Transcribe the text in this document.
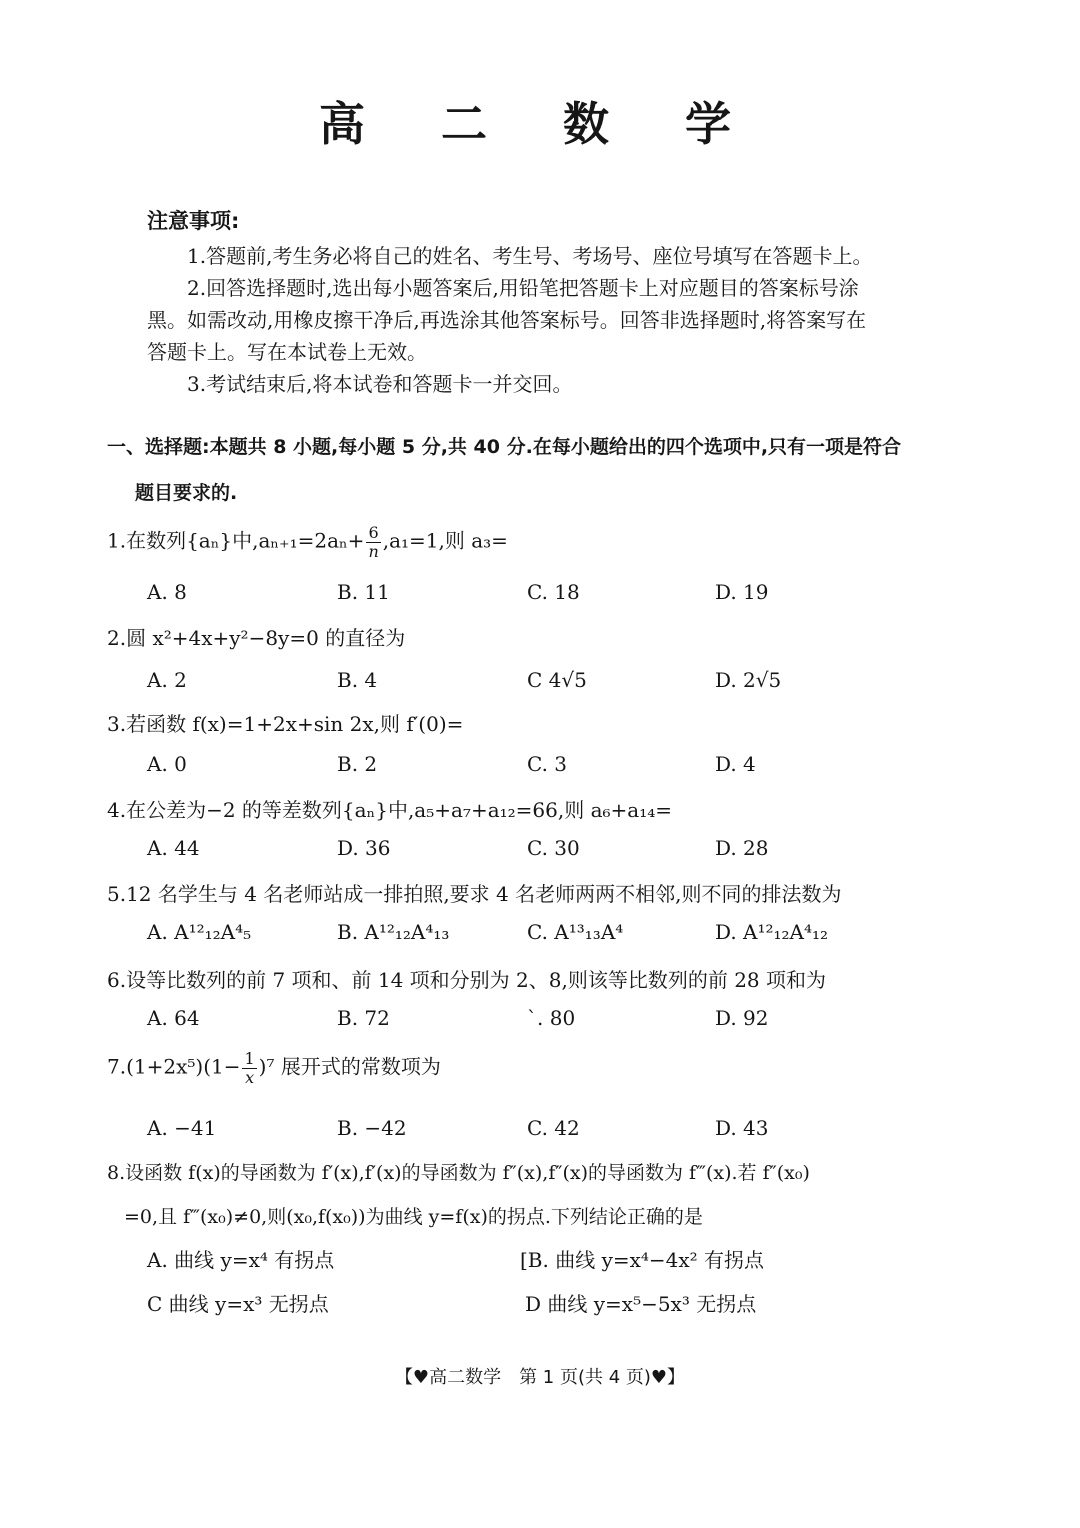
高 二 数 学
注意事项:
1.答题前,考生务必将自己的姓名、考生号、考场号、座位号填写在答题卡上。
2.回答选择题时,选出每小题答案后,用铅笔把答题卡上对应题目的答案标号涂
黑。如需改动,用橡皮擦干净后,再选涂其他答案标号。回答非选择题时,将答案写在
答题卡上。写在本试卷上无效。
3.考试结束后,将本试卷和答题卡一并交回。
一、选择题:本题共 8 小题,每小题 5 分,共 40 分.在每小题给出的四个选项中,只有一项是符合
题目要求的.
1.在数列{aₙ}中$,a_{n+1}=2a_n+ \frac{6}{n} ,a_1=1$,则 a₃=
A. 8	B. 11	C. 18	D. 19
2.圆 x²+4x+y²−8y=0 的直径为
A. 2	B. 4	C 4√5	D. 2√5
3.若函数 f(x)=1+2x+sin 2x,则 f′(0)=
A. 0	B. 2	C. 3	D. 4
4.在公差为−2 的等差数列{aₙ}中,a₅+a₇+a₁₂=66,则 a₆+a₁₄=
A. 44	D. 36	C. 30	D. 28
5.12 名学生与 4 名老师站成一排拍照,要求 4 名老师两两不相邻,则不同的排法数为
A. A¹²₁₂A⁴₅	B. A¹²₁₂A⁴₁₃	C. A¹³₁₃A⁴	D. A¹²₁₂A⁴₁₂
6.设等比数列的前 7 项和、前 14 项和分别为 2、8,则该等比数列的前 28 项和为
A. 64	B. 72	`. 80	D. 92
$7.(1+2x^5)(1- \frac{1}{x} )^7$ 展开式的常数项为
A. −41	B. −42	C. 42	D. 43
8.设函数 f(x)的导函数为 f′(x),f′(x)的导函数为 f″(x),f″(x)的导函数为 f‴(x).若 f″(x₀)
=0,且 f‴(x₀)≠0,则(x₀,f(x₀))为曲线 y=f(x)的拐点.下列结论正确的是
A. 曲线 y=x⁴ 有拐点	[B. 曲线 y=x⁴−4x² 有拐点
C 曲线 y=x³ 无拐点	D 曲线 y=x⁵−5x³ 无拐点
【♥高二数学　第 1 页(共 4 页)♥】
